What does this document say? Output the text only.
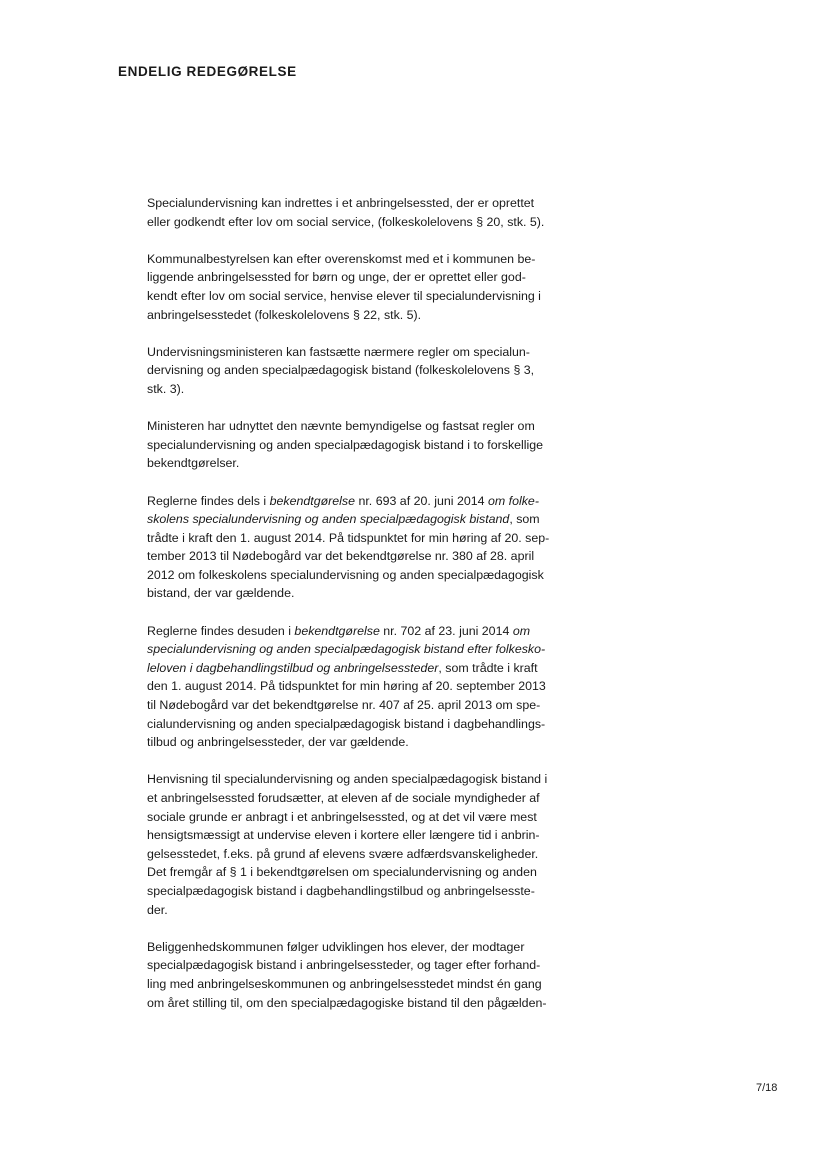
ENDELIG REDEGØRELSE

Specialundervisning kan indrettes i et anbringelsessted, der er oprettet
eller godkendt efter lov om social service, (folkeskolelovens § 20, stk. 5).

Kommunalbestyrelsen kan efter overenskomst med et i kommunen be-
liggende anbringelsessted for børn og unge, der er oprettet eller god-
kendt efter lov om social service, henvise elever til specialundervisning i
anbringelsesstedet (folkeskolelovens § 22, stk. 5).

Undervisningsministeren kan fastsætte nærmere regler om specialun-
dervisning og anden specialpædagogisk bistand (folkeskolelovens § 3,
stk. 3).

Ministeren har udnyttet den nævnte bemyndigelse og fastsat regler om
specialundervisning og anden specialpædagogisk bistand i to forskellige
bekendtgørelser.

Reglerne findes dels i bekendtgørelse nr. 693 af 20. juni 2014 om folke-
skolens specialundervisning og anden specialpædagogisk bistand, som
trådte i kraft den 1. august 2014. På tidspunktet for min høring af 20. sep-
tember 2013 til Nødebogård var det bekendtgørelse nr. 380 af 28. april
2012 om folkeskolens specialundervisning og anden specialpædagogisk
bistand, der var gældende.

Reglerne findes desuden i bekendtgørelse nr. 702 af 23. juni 2014 om
specialundervisning og anden specialpædagogisk bistand efter folkesko-
leloven i dagbehandlingstilbud og anbringelsessteder, som trådte i kraft
den 1. august 2014. På tidspunktet for min høring af 20. september 2013
til Nødebogård var det bekendtgørelse nr. 407 af 25. april 2013 om spe-
cialundervisning og anden specialpædagogisk bistand i dagbehandlings-
tilbud og anbringelsessteder, der var gældende.

Henvisning til specialundervisning og anden specialpædagogisk bistand i
et anbringelsessted forudsætter, at eleven af de sociale myndigheder af
sociale grunde er anbragt i et anbringelsessted, og at det vil være mest
hensigtsmæssigt at undervise eleven i kortere eller længere tid i anbrin-
gelsesstedet, f.eks. på grund af elevens svære adfærdsvanskeligheder.
Det fremgår af § 1 i bekendtgørelsen om specialundervisning og anden
specialpædagogisk bistand i dagbehandlingstilbud og anbringelsesste-
der.

Beliggenhedskommunen følger udviklingen hos elever, der modtager
specialpædagogisk bistand i anbringelsessteder, og tager efter forhand-
ling med anbringelseskommunen og anbringelsesstedet mindst én gang
om året stilling til, om den specialpædagogiske bistand til den pågælden-

7/18
